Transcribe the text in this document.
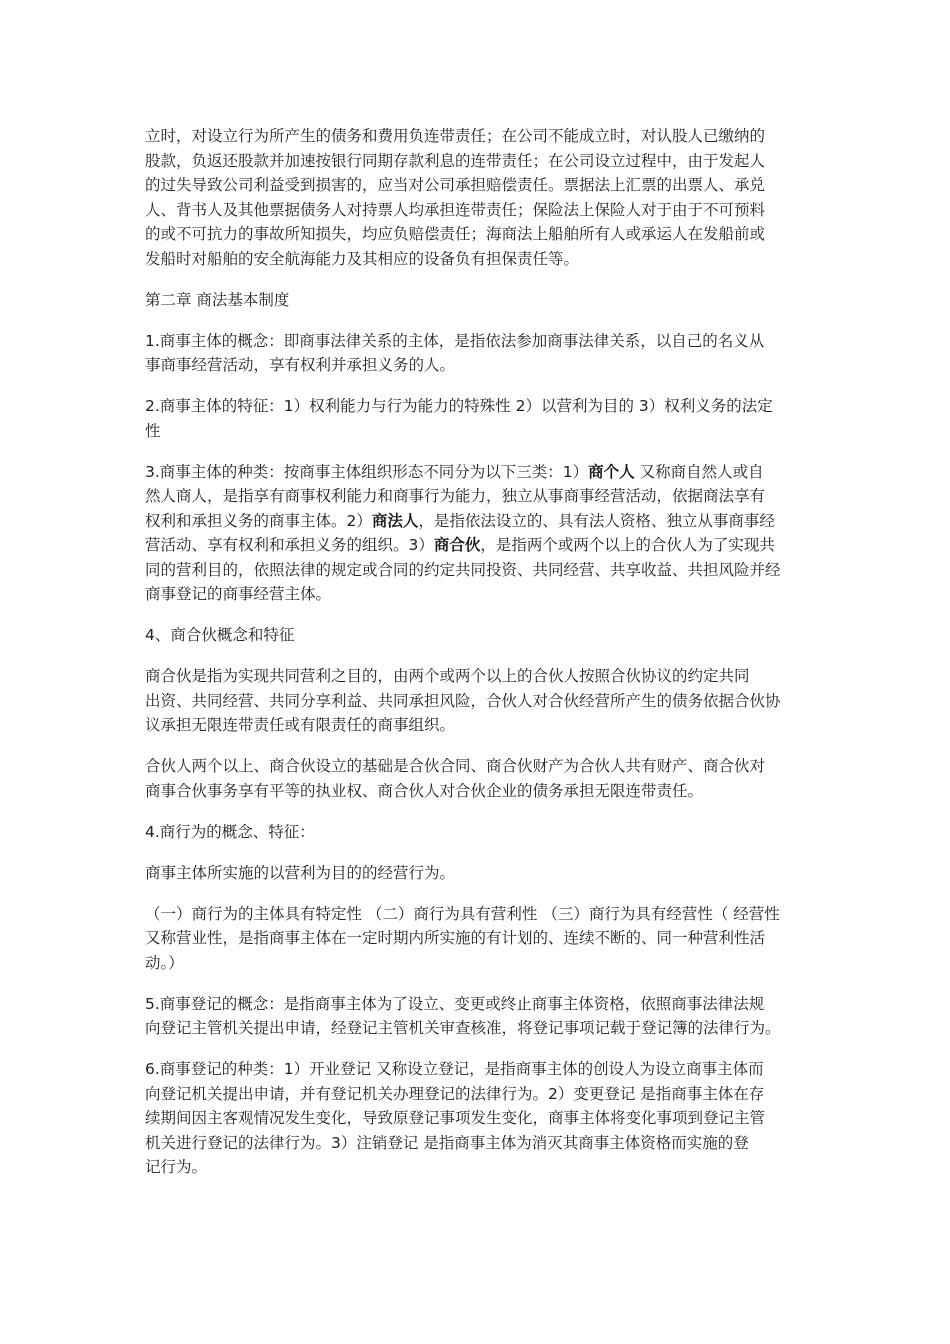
立时，对设立行为所产生的债务和费用负连带责任；在公司不能成立时，对认股人已缴纳的
股款，负返还股款并加速按银行同期存款利息的连带责任；在公司设立过程中，由于发起人
的过失导致公司利益受到损害的，应当对公司承担赔偿责任。票据法上汇票的出票人、承兑
人、背书人及其他票据债务人对持票人均承担连带责任；保险法上保险人对于由于不可预料
的或不可抗力的事故所知损失，均应负赔偿责任；海商法上船舶所有人或承运人在发船前或
发船时对船舶的安全航海能力及其相应的设备负有担保责任等。

第二章 商法基本制度

1.商事主体的概念：即商事法律关系的主体，是指依法参加商事法律关系，以自己的名义从
事商事经营活动，享有权利并承担义务的人。

2.商事主体的特征：1）权利能力与行为能力的特殊性 2）以营利为目的 3）权利义务的法定
性

3.商事主体的种类：按商事主体组织形态不同分为以下三类：1）商个人 又称商自然人或自
然人商人，是指享有商事权利能力和商事行为能力，独立从事商事经营活动，依据商法享有
权利和承担义务的商事主体。2）商法人，是指依法设立的、具有法人资格、独立从事商事经
营活动、享有权利和承担义务的组织。3）商合伙，是指两个或两个以上的合伙人为了实现共
同的营利目的，依照法律的规定或合同的约定共同投资、共同经营、共享收益、共担风险并经
商事登记的商事经营主体。

4、商合伙概念和特征

商合伙是指为实现共同营利之目的，由两个或两个以上的合伙人按照合伙协议的约定共同
出资、共同经营、共同分享利益、共同承担风险，合伙人对合伙经营所产生的债务依据合伙协
议承担无限连带责任或有限责任的商事组织。

合伙人两个以上、商合伙设立的基础是合伙合同、商合伙财产为合伙人共有财产、商合伙对
商事合伙事务享有平等的执业权、商合伙人对合伙企业的债务承担无限连带责任。

4.商行为的概念、特征：

商事主体所实施的以营利为目的的经营行为。

（一）商行为的主体具有特定性 （二）商行为具有营利性 （三）商行为具有经营性（ 经营性
又称营业性，是指商事主体在一定时期内所实施的有计划的、连续不断的、同一种营利性活
动。）

5.商事登记的概念：是指商事主体为了设立、变更或终止商事主体资格，依照商事法律法规
向登记主管机关提出申请，经登记主管机关审查核准，将登记事项记载于登记簿的法律行为。

6.商事登记的种类：1）开业登记 又称设立登记，是指商事主体的创设人为设立商事主体而
向登记机关提出申请，并有登记机关办理登记的法律行为。2）变更登记 是指商事主体在存
续期间因主客观情况发生变化，导致原登记事项发生变化，商事主体将变化事项到登记主管
机关进行登记的法律行为。3）注销登记 是指商事主体为消灭其商事主体资格而实施的登
记行为。
